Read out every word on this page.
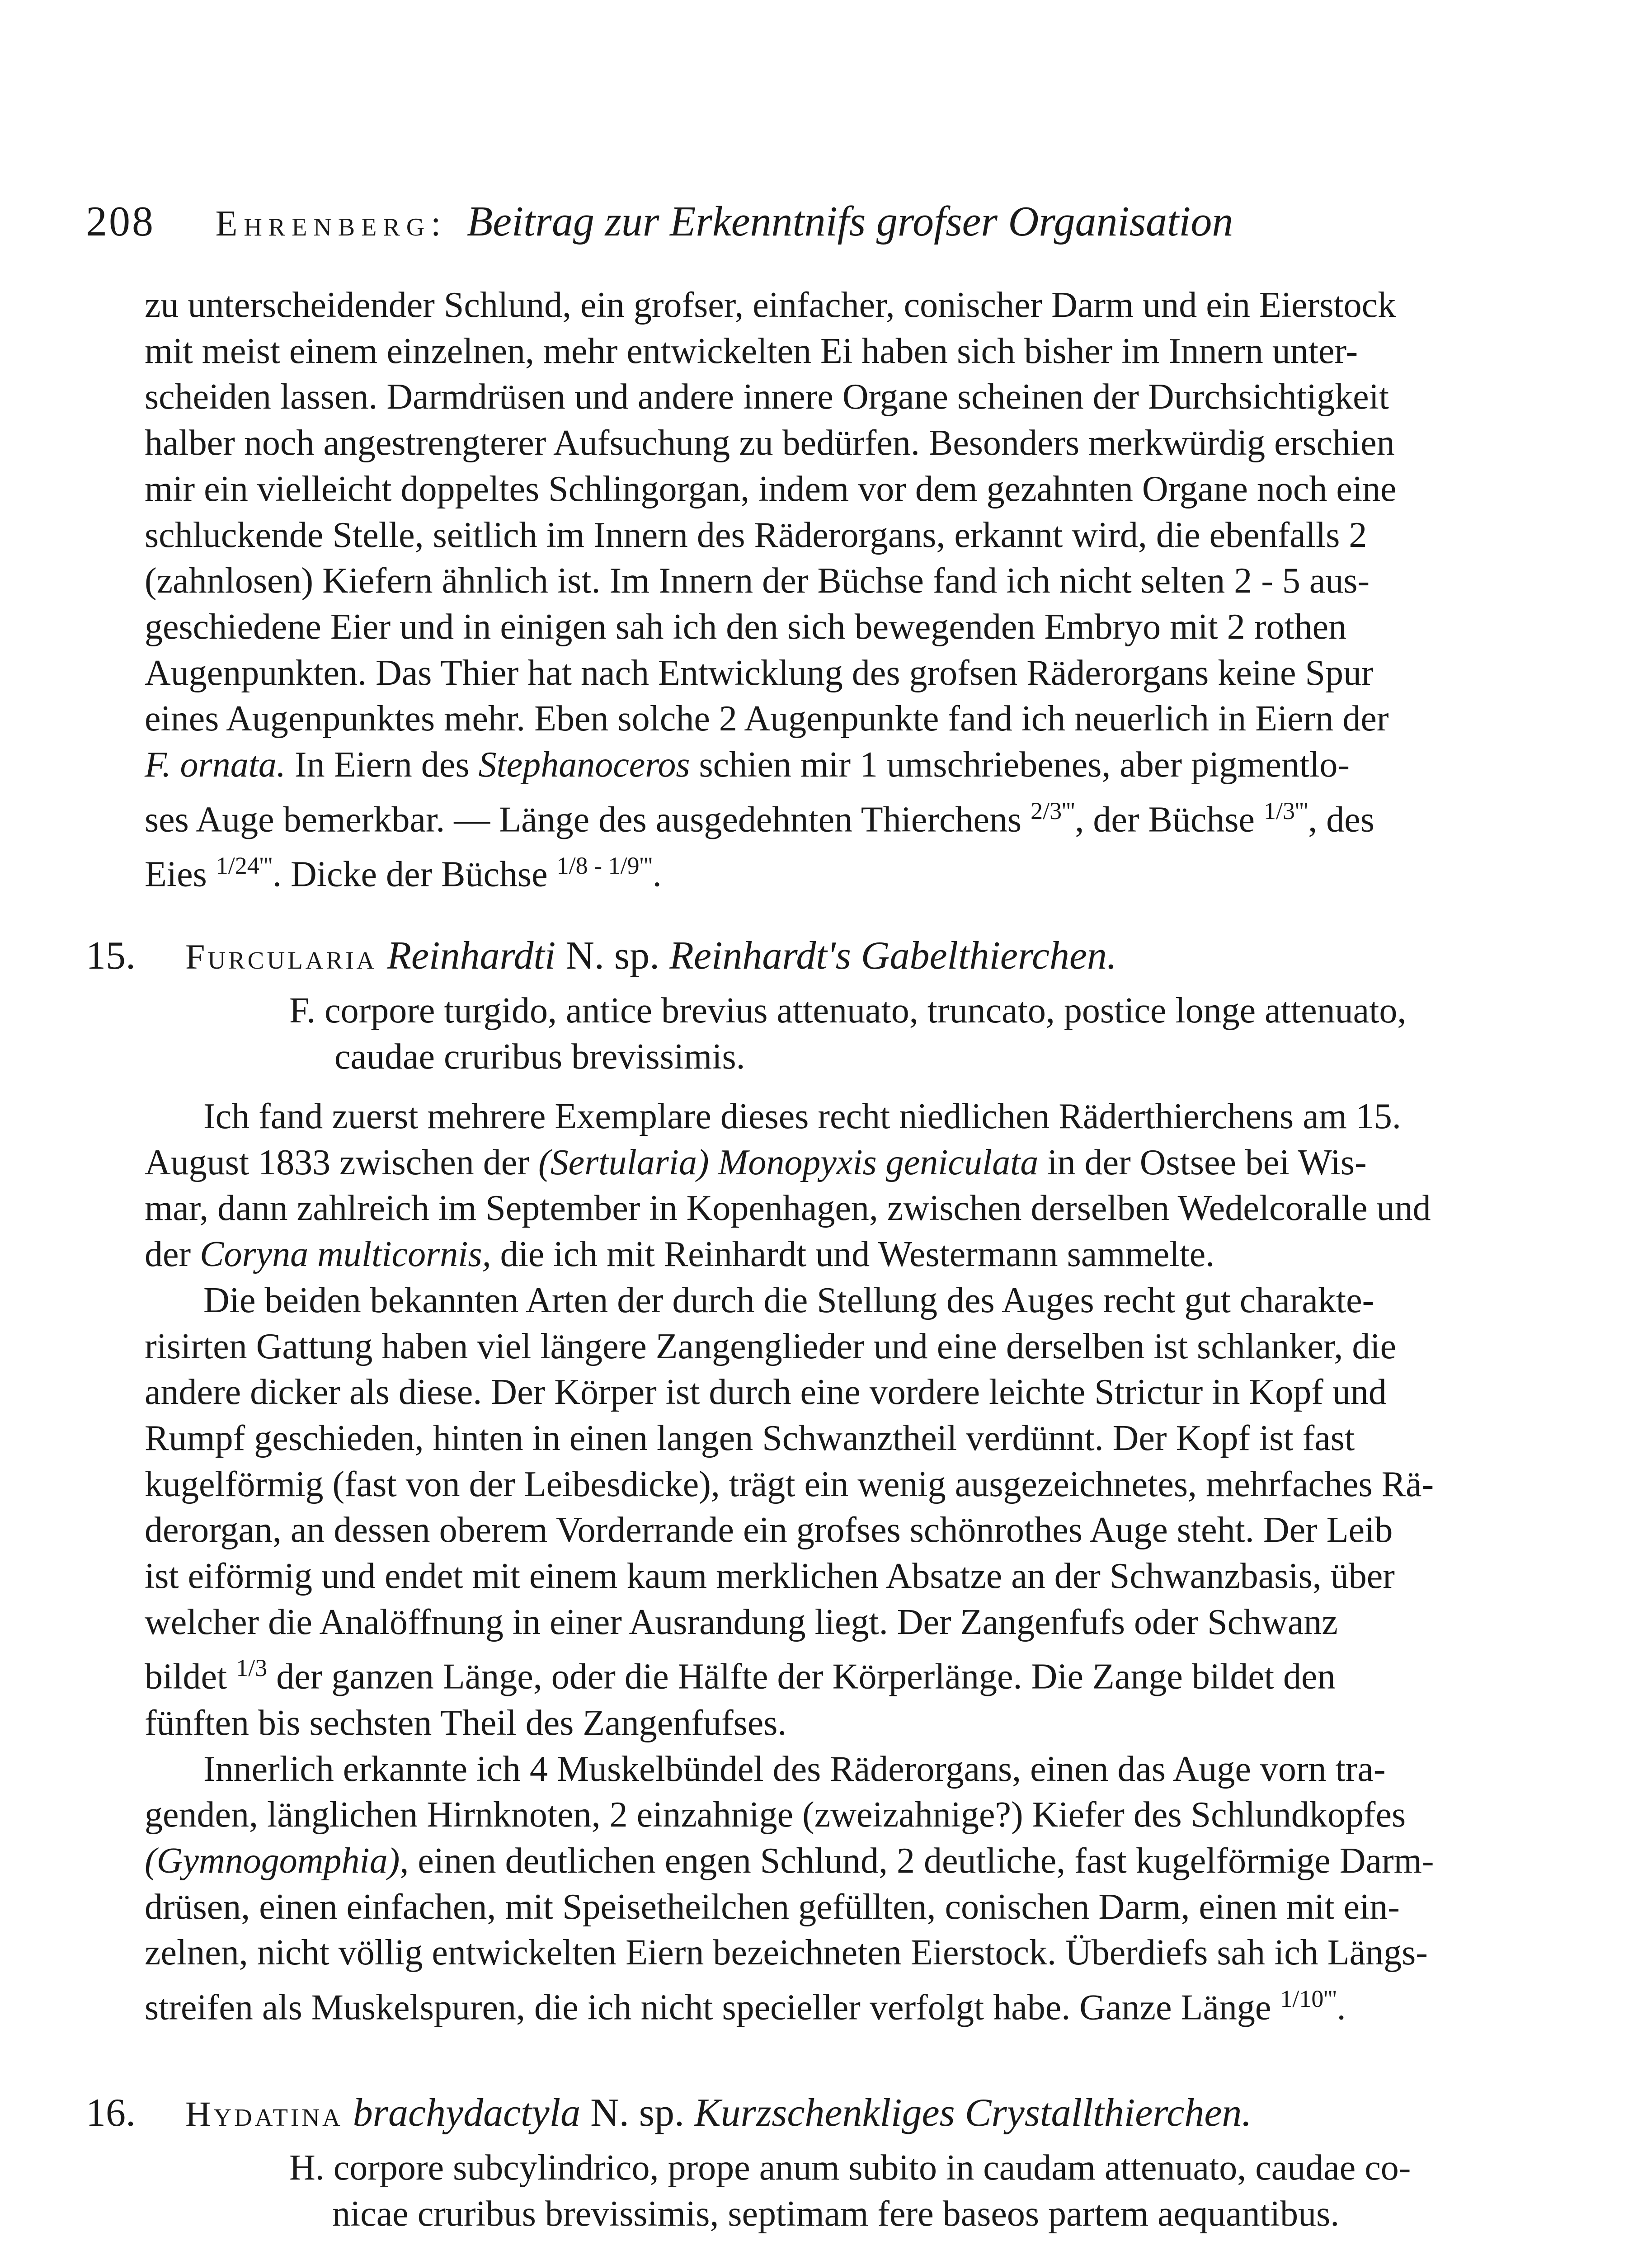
208 Ehrenberg: Beitrag zur Erkenntnifs grofser Organisation

zu unterscheidender Schlund, ein grofser, einfacher, conischer Darm und ein Eierstock

mit meist einem einzelnen, mehr entwickelten Ei haben sich bisher im Innern unter-

scheiden lassen. Darmdrüsen und andere innere Organe scheinen der Durchsichtigkeit

halber noch angestrengterer Aufsuchung zu bedürfen. Besonders merkwürdig erschien

mir ein vielleicht doppeltes Schlingorgan, indem vor dem gezahnten Organe noch eine

schluckende Stelle, seitlich im Innern des Räderorgans, erkannt wird, die ebenfalls 2

(zahnlosen) Kiefern ähnlich ist. Im Innern der Büchse fand ich nicht selten 2 - 5 aus-

geschiedene Eier und in einigen sah ich den sich bewegenden Embryo mit 2 rothen

Augenpunkten. Das Thier hat nach Entwicklung des grofsen Räderorgans keine Spur

eines Augenpunktes mehr. Eben solche 2 Augenpunkte fand ich neuerlich in Eiern der

F. ornata. In Eiern des Stephanoceros schien mir 1 umschriebenes, aber pigmentlo-

ses Auge bemerkbar. — Länge des ausgedehnten Thierchens $^{2/3'''}$, der Büchse $^{1/3'''}$, des

Eies $^{1/24'''}$. Dicke der Büchse $^{1/8 - 1/9'''}$.

15. Furcularia Reinhardti N. sp. Reinhardt's Gabelthierchen.
F. corpore turgido, antice brevius attenuato, truncato, postice longe attenuato,
caudae cruribus brevissimis.

Ich fand zuerst mehrere Exemplare dieses recht niedlichen Räderthierchens am 15.

August 1833 zwischen der (Sertularia) Monopyxis geniculata in der Ostsee bei Wis-

mar, dann zahlreich im September in Kopenhagen, zwischen derselben Wedelcoralle und

der Coryna multicornis, die ich mit Reinhardt und Westermann sammelte.

Die beiden bekannten Arten der durch die Stellung des Auges recht gut charakte-

risirten Gattung haben viel längere Zangenglieder und eine derselben ist schlanker, die

andere dicker als diese. Der Körper ist durch eine vordere leichte Strictur in Kopf und

Rumpf geschieden, hinten in einen langen Schwanztheil verdünnt. Der Kopf ist fast

kugelförmig (fast von der Leibesdicke), trägt ein wenig ausgezeichnetes, mehrfaches Rä-

derorgan, an dessen oberem Vorderrande ein grofses schönrothes Auge steht. Der Leib

ist eiförmig und endet mit einem kaum merklichen Absatze an der Schwanzbasis, über

welcher die Analöffnung in einer Ausrandung liegt. Der Zangenfufs oder Schwanz

bildet $^{1/3}$ der ganzen Länge, oder die Hälfte der Körperlänge. Die Zange bildet den

fünften bis sechsten Theil des Zangenfufses.

Innerlich erkannte ich 4 Muskelbündel des Räderorgans, einen das Auge vorn tra-

genden, länglichen Hirnknoten, 2 einzahnige (zweizahnige?) Kiefer des Schlundkopfes

(Gymnogomphia), einen deutlichen engen Schlund, 2 deutliche, fast kugelförmige Darm-

drüsen, einen einfachen, mit Speisetheilchen gefüllten, conischen Darm, einen mit ein-

zelnen, nicht völlig entwickelten Eiern bezeichneten Eierstock. Überdiefs sah ich Längs-

streifen als Muskelspuren, die ich nicht specieller verfolgt habe. Ganze Länge $^{1/10'''}$.

16. Hydatina brachydactyla N. sp. Kurzschenkliges Crystallthierchen.
H. corpore subcylindrico, prope anum subito in caudam attenuato, caudae co-
nicae cruribus brevissimis, septimam fere baseos partem aequantibus.
